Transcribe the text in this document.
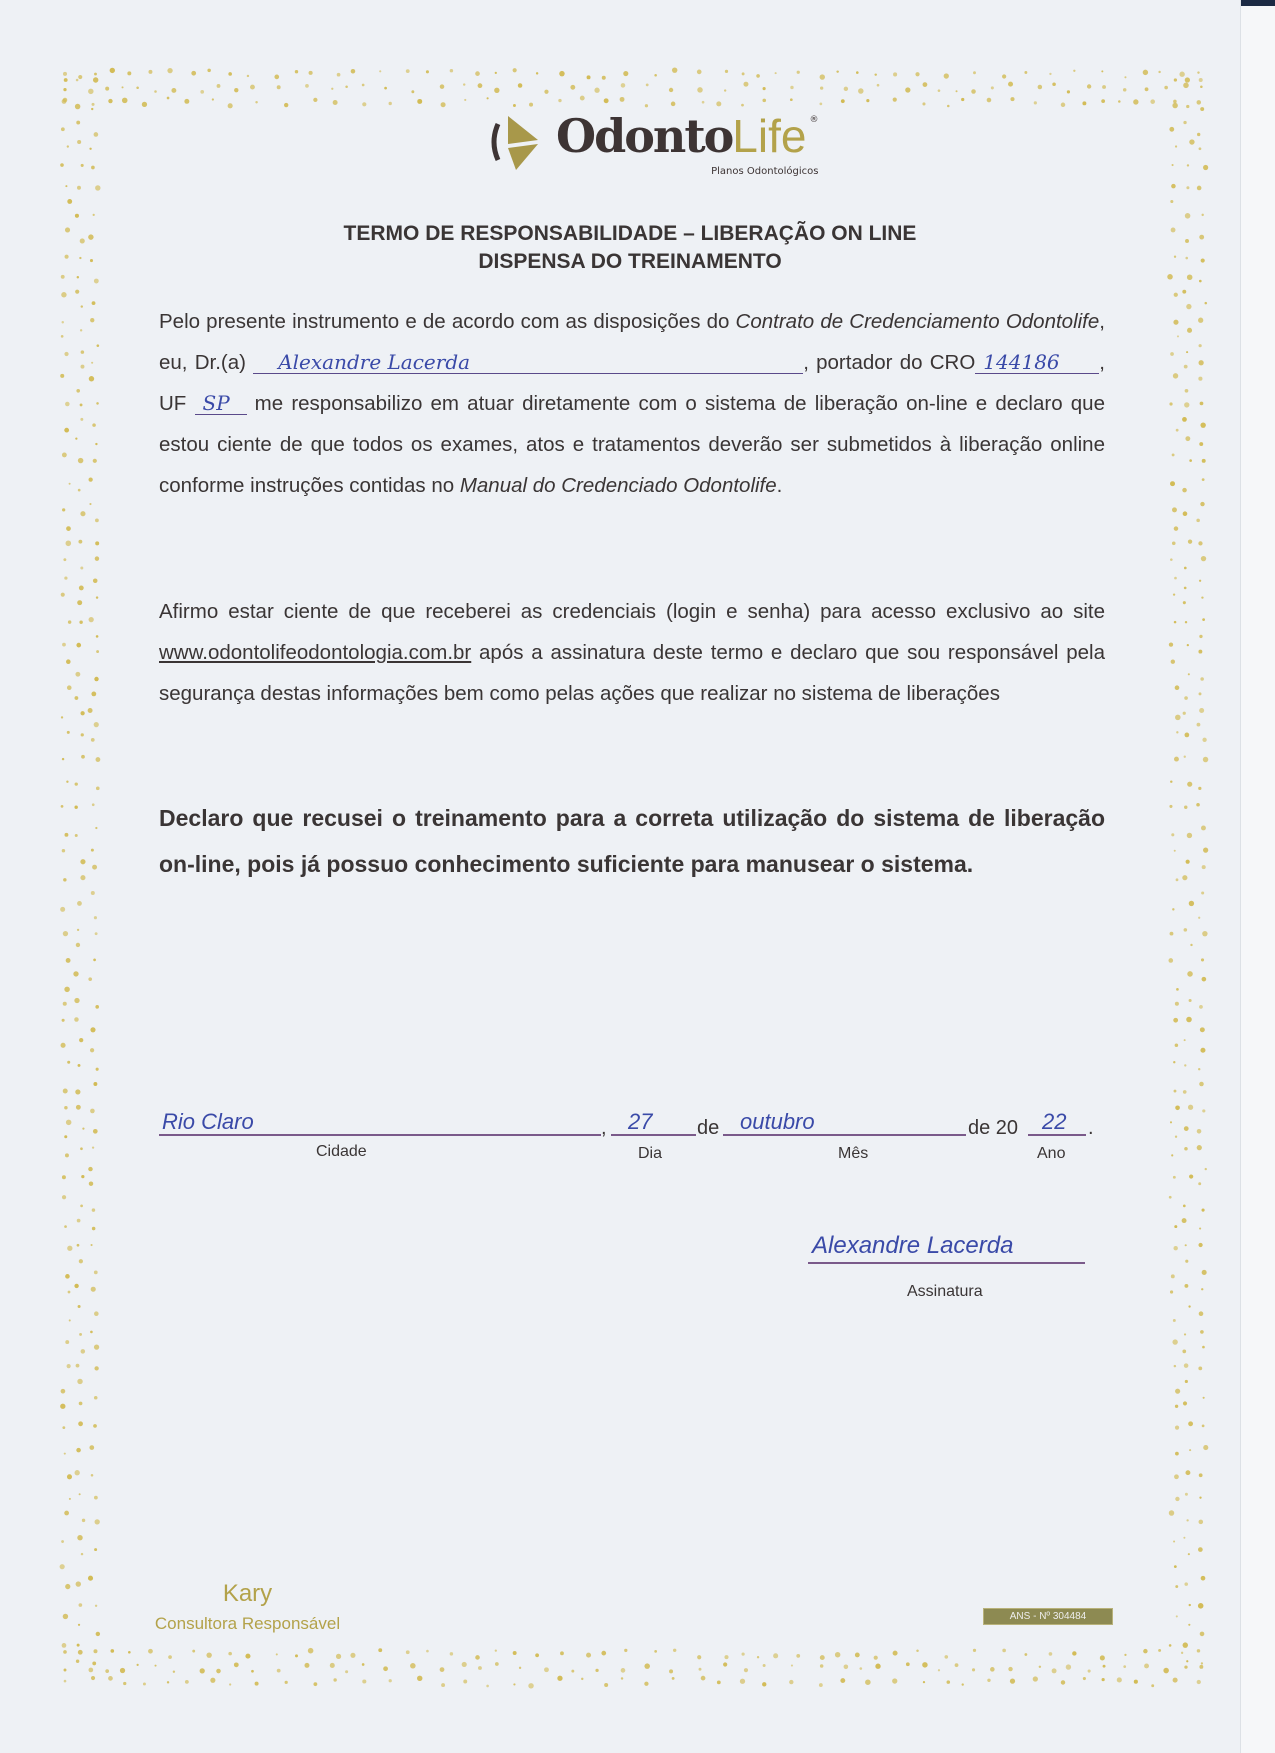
OdontoLife ®
Planos Odontológicos
TERMO DE RESPONSABILIDADE – LIBERAÇÃO ON LINE
DISPENSA DO TREINAMENTO
Pelo presente instrumento e de acordo com as disposições do Contrato de Credenciamento Odontolife, eu, Dr.(a) Alexandre Lacerda	, portador do CRO 144186 , UF SP me responsabilizo em atuar diretamente com o sistema de liberação on-line e declaro que estou ciente de que todos os exames, atos e tratamentos deverão ser submetidos à liberação online conforme instruções contidas no Manual do Credenciado Odontolife.
Afirmo estar ciente de que receberei as credenciais (login e senha) para acesso exclusivo ao site www.odontolifeodontologia.com.br após a assinatura deste termo e declaro que sou responsável pela segurança destas informações bem como pelas ações que realizar no sistema de liberações
Declaro que recusei o treinamento para a correta utilização do sistema de liberação on-line, pois já possuo conhecimento suficiente para manusear o sistema.
Rio Claro	, 27 de outubro	de 20 22 .
Cidade	Dia	Mês	Ano
Alexandre Lacerda
Assinatura
Kary
Consultora Responsável	ANS - Nº 304484
